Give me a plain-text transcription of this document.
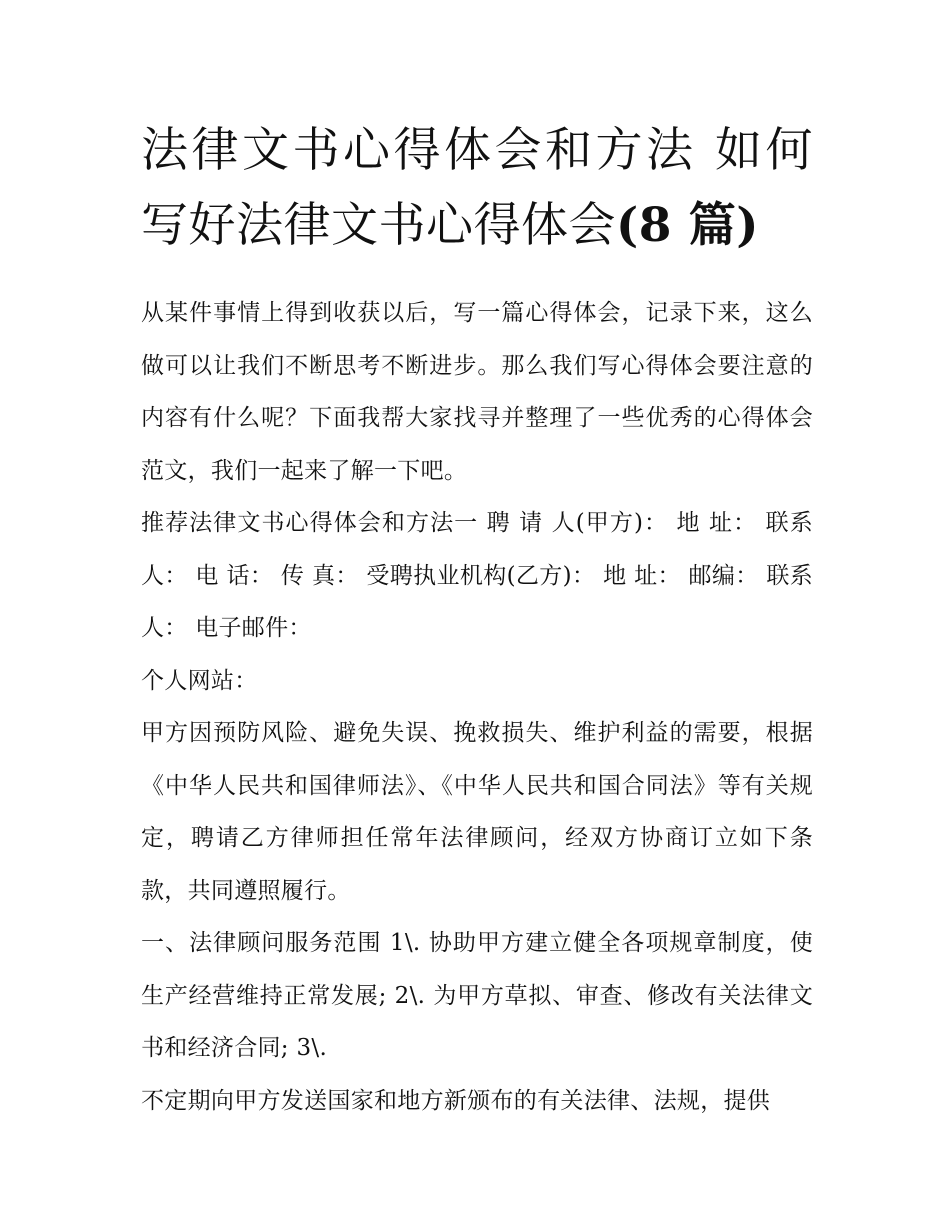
法律文书心得体会和方法 如何写好法律文书心得体会(8 篇)

从某件事情上得到收获以后，写一篇心得体会，记录下来，这么做可以让我们不断思考不断进步。那么我们写心得体会要注意的内容有什么呢？下面我帮大家找寻并整理了一些优秀的心得体会范文，我们一起来了解一下吧。

推荐法律文书心得体会和方法一 聘 请 人(甲方)： 地 址： 联系人： 电 话： 传 真： 受聘执业机构(乙方)： 地 址： 邮编： 联系人： 电子邮件：

个人网站：

甲方因预防风险、避免失误、挽救损失、维护利益的需要，根据《中华人民共和国律师法》、《中华人民共和国合同法》等有关规定，聘请乙方律师担任常年法律顾问，经双方协商订立如下条款，共同遵照履行。

一、法律顾问服务范围 1\. 协助甲方建立健全各项规章制度，使生产经营维持正常发展; 2\. 为甲方草拟、审查、修改有关法律文书和经济合同; 3\.

不定期向甲方发送国家和地方新颁布的有关法律、法规，提供
